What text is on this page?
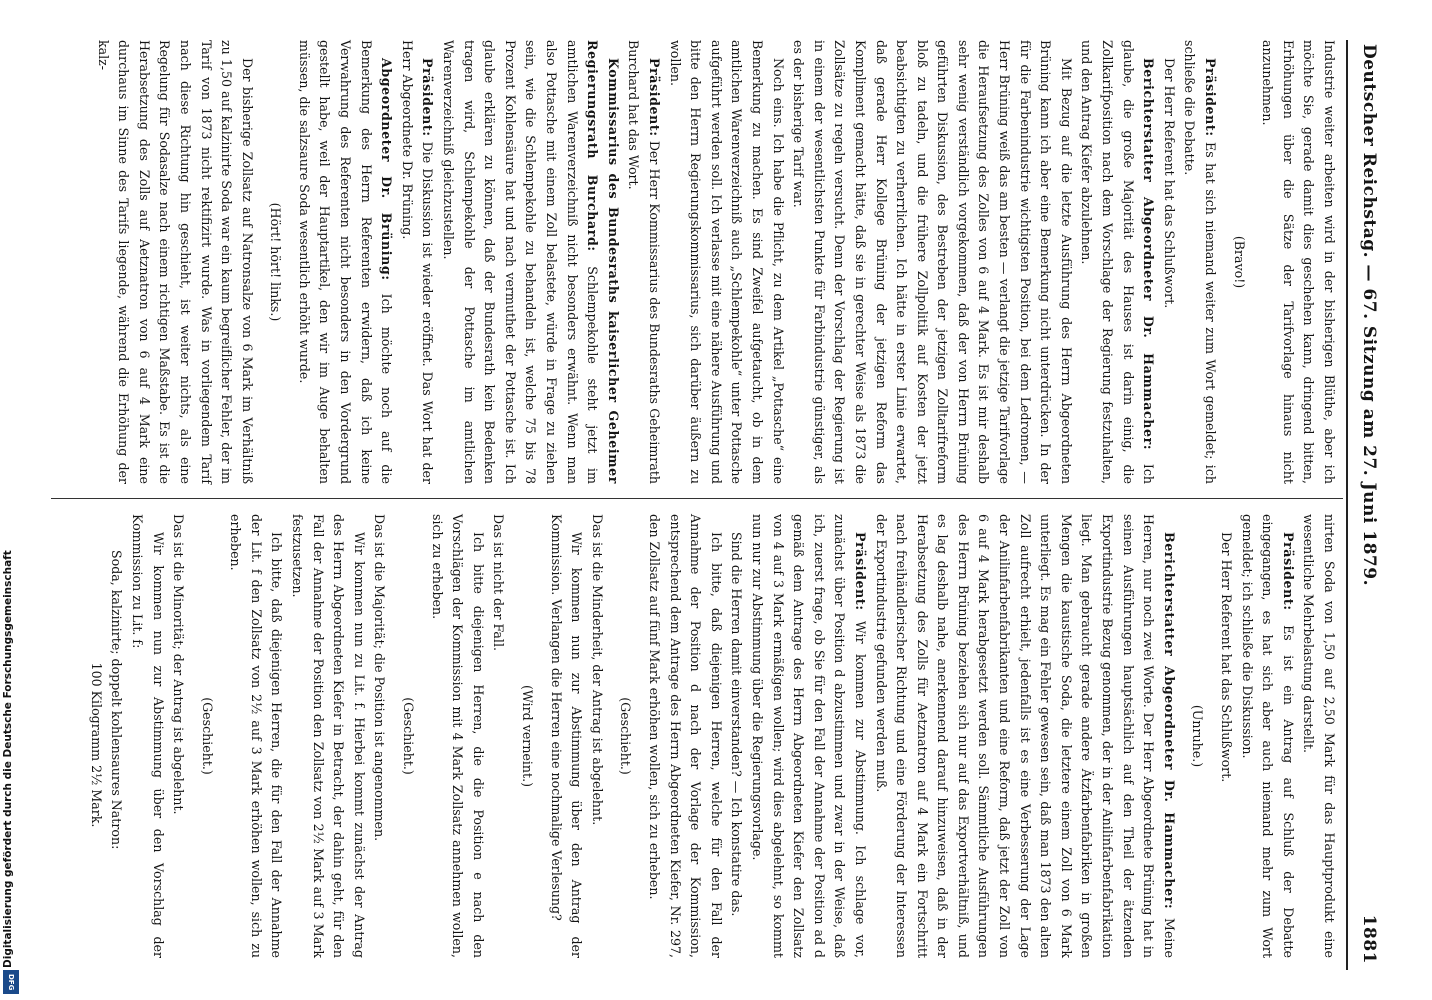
Deutscher Reichstag. — 67. Sitzung am 27. Juni 1879.
1881

Industrie weiter arbeiten wird in der bisherigen Blüthe, aber ich möchte Sie, gerade damit dies geschehen kann, dringend bitten, Erhöhungen über die Sätze der Tarifvorlage hinaus nicht anzunehmen.

(Bravo!)

Präsident: Es hat sich niemand weiter zum Wort gemeldet; ich schließe die Debatte.

Der Herr Referent hat das Schlußwort.

Berichterstatter Abgeordneter Dr. Hammacher: Ich glaube, die große Majorität des Hauses ist darin einig, die Zollkarifposition nach dem Vorschlage der Regierung festzuhalten, und den Antrag Kiefer abzulehnen.

Mit Bezug auf die letzte Ausführung des Herrn Abgeordneten Brüning kann ich aber eine Bemerkung nicht unterdrücken. In der für die Farbenindustrie wichtigsten Position, bei dem Ledromen, — Herr Brüning weiß das am besten — verlangt die jetzige Tarifvorlage die Heraufsetzung des Zolles von 6 auf 4 Mark. Es ist mir deshalb sehr wenig verständlich vorgekommen, daß der von Herrn Brüning geführten Diskussion, des Bestreben der jetzigen Zolltarifreform bloß zu tadeln, und die frühere Zollpolitik auf Kosten der jetzt beabsichtigten zu verherrlichen. Ich hätte in erster Linie erwartet, daß gerade Herr Kollege Brüning der jetzigen Reform das Kompliment gemacht hätte, daß sie in gerechter Weise als 1873 die Zollsätze zu regeln versucht. Denn der Vorschlag der Regierung ist in einem der wesentlichsten Punkte für Farbindustrie günstiger, als es der bisherige Tarif war.

Noch eins. Ich habe die Pflicht, zu dem Artikel „Pottasche“ eine Bemerkung zu machen. Es sind Zweifel aufgetaucht, ob in dem amtlichen Warenverzeichniß auch „Schlempekohle“ unter Pottasche aufgeführt werden soll. Ich verlasse mit eine nähere Ausführung und bitte den Herrn Regierungskommissarius, sich darüber äußern zu wollen.

Präsident: Der Herr Kommissarius des Bundesraths Geheimrath Burchard hat das Wort.

Kommissarius des Bundesraths kaiserlicher Geheimer Regierungsrath Burchard: Schlempekohle steht jetzt im amtlichen Warenverzeichniß nicht besonders erwähnt. Wenn man also Pottasche mit einem Zoll belastete, würde in Frage zu ziehen sein, wie die Schlempekohle zu behandeln ist, welche 75 bis 78 Prozent Kohlensäure hat und nach vermuthet der Pottasche ist. Ich glaube erklären zu können, daß der Bundesrath kein Bedenken tragen wird, Schlempekohle der Pottasche im amtlichen Warenverzeichniß gleichzustellen.

Präsident: Die Diskussion ist wieder eröffnet. Das Wort hat der Herr Abgeordnete Dr. Brüning.

Abgeordneter Dr. Brüning: Ich möchte noch auf die Bemerkung des Herrn Referenten erwidern, daß ich keine Verwahrung des Referenten nicht besonders in den Vordergrund gestellt habe, weil der Hauptartikel, den wir im Auge behalten müssen, die salzsaure Soda wesentlich erhöht wurde.

(Hört! hört! links.)

Der bisherige Zollsatz auf Natronsalze von 6 Mark im Verhältniß zu 1,50 auf kalzinirte Soda war ein kaum begreiflicher Fehler, der im Tarif von 1873 nicht rektifizirt wurde. Was in vorliegendem Tarif nach diese Richtung hin geschieht, ist weiter nichts, als eine Regelung für Sodasalze nach einem richtigen Maßstabe. Es ist die Herabsetzung des Zolls auf Aetznatron von 6 auf 4 Mark eine durchaus im Sinne des Tarifs liegende, während die Erhöhung der kalz-

nirten Soda von 1,50 auf 2,50 Mark für das Hauptprodukt eine wesentliche Mehrbelastung darstellt.

Präsident: Es ist ein Antrag auf Schluß der Debatte eingegangen, es hat sich aber auch niemand mehr zum Wort gemeldet; ich schließe die Diskussion.

Der Herr Referent hat das Schlußwort.

(Unruhe.)

Berichterstatter Abgeordneter Dr. Hammacher: Meine Herren, nur noch zwei Worte. Der Herr Abgeordnete Brüning hat in seinen Ausführungen hauptsächlich auf den Theil der ätzenden Exportindustrie Bezug genommen, der in der Anilinfarbenfabrikation liegt. Man gebraucht gerade andere Ätzfarbenfabriken in großen Mengen die kaustische Soda, die letztere einem Zoll von 6 Mark unterliegt. Es mag ein Fehler gewesen sein, daß man 1873 den alten Zoll aufrecht erhielt, jedenfalls ist es eine Verbesserung der Lage der Anilinfarbenfabrikanten und eine Reform, daß jetzt der Zoll von 6 auf 4 Mark herabgesetzt werden soll. Sämmtliche Ausführungen des Herrn Brüning beziehen sich nur auf das Exportverhältniß, und es lag deshalb nahe, anerkennend darauf hinzuweisen, daß in der Herabsetzung des Zolls für Aetznatron auf 4 Mark ein Fortschritt nach freihändlerischer Richtung und eine Förderung der Interessen der Exportindustrie gefunden werden muß.

Präsident: Wir kommen zur Abstimmung. Ich schlage vor, zunächst über Position d abzustimmen und zwar in der Weise, daß ich, zuerst frage, ob Sie für den Fall der Annahme der Position ad d gemäß dem Antrage des Herrn Abgeordneten Kiefer den Zollsatz von 4 auf 3 Mark ermäßigen wollen; wird dies abgelehnt, so kommt nun nur zur Abstimmung über die Regierungsvorlage.

Sind die Herren damit einverstanden? — Ich konstatire das.

Ich bitte, daß diejenigen Herren, welche für den Fall der Annahme der Position d nach der Vorlage der Kommission, entsprechend dem Antrage des Herrn Abgeordneten Kiefer, Nr. 297, den Zollsatz auf fünf Mark erhöhen wollen, sich zu erheben.

(Geschieht.)

Das ist die Minderheit, der Antrag ist abgelehnt.

Wir kommen nun zur Abstimmung über den Antrag der Kommission. Verlangen die Herren eine nochmalige Verlesung?

(Wird verneint.)

Das ist nicht der Fall.

Ich bitte diejenigen Herren, die die Position e nach den Vorschlägen der Kommission mit 4 Mark Zollsatz annehmen wollen, sich zu erheben.

(Geschieht.)

Das ist die Majorität; die Position ist angenommen.

Wir kommen nun zu Lit. f. Hierbei kommt zunächst der Antrag des Herrn Abgeordneten Kiefer in Betracht, der dahin geht, für den Fall der Annahme der Position den Zollsatz von 2½ Mark auf 3 Mark festzusetzen.

Ich bitte, daß diejenigen Herren, die für den Fall der Annahme der Lit. f den Zollsatz von 2½ auf 3 Mark erhöhen wollen, sich zu erheben.

(Geschieht.)

Das ist die Minorität; der Antrag ist abgelehnt.

Wir kommen nun zur Abstimmung über den Vorschlag der Kommission zu Lit. f:

Soda, kalzinirte; doppelt kohlensaures Natron:

100 Kilogramm 2½ Mark.

Digitalisierung gefördert durch die Deutsche Forschungsgemeinschaft
DFG
